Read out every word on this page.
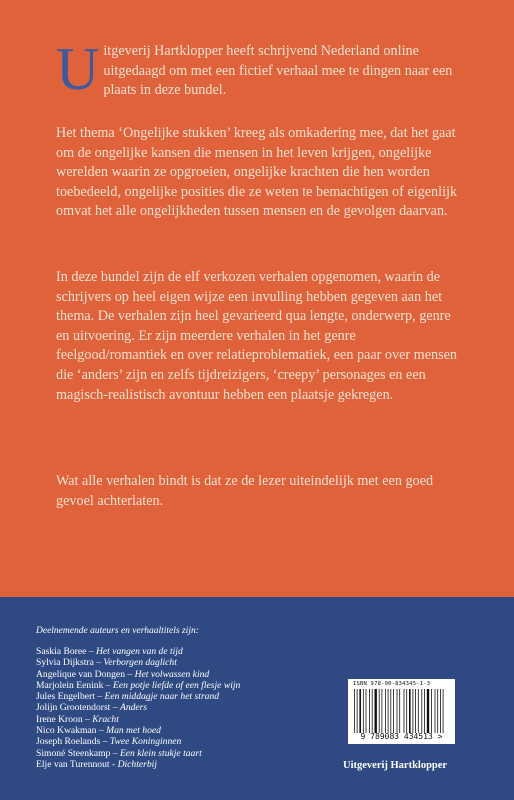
Uitgeverij Hartklopper heeft schrijvend Nederland online uitgedaagd om met een fictief verhaal mee te dingen naar een plaats in deze bundel.

Het thema ‘Ongelijke stukken’ kreeg als omkadering mee, dat het gaat om de ongelijke kansen die mensen in het leven krijgen, ongelijke werelden waarin ze opgroeien, ongelijke krachten die hen worden toebedeeld, ongelijke posities die ze weten te bemachtigen of eigenlijk omvat het alle ongelijkheden tussen mensen en de gevolgen daarvan.

In deze bundel zijn de elf verkozen verhalen opgenomen, waarin de schrijvers op heel eigen wijze een invulling hebben gegeven aan het thema. De verhalen zijn heel gevarieerd qua lengte, onderwerp, genre en uitvoering. Er zijn meerdere verhalen in het genre feelgood/romantiek en over relatieproblematiek, een paar over mensen die ‘anders’ zijn en zelfs tijdreizigers, ‘creepy’ personages en een magisch-realistisch avontuur hebben een plaatsje gekregen.

Wat alle verhalen bindt is dat ze de lezer uiteindelijk met een goed gevoel achterlaten.

Deelnemende auteurs en verhaaltitels zijn:
Saskia Boree – Het vangen van de tijd
Sylvia Dijkstra – Verborgen daglicht
Angelique van Dongen – Het volwassen kind
Marjolein Eenink – Een potje liefde of een flesje wijn
Jules Engelbert – Een middagje naar het strand
Jolijn Grootendorst – Anders
Irene Kroon – Kracht
Nico Kwakman – Man met hoed
Joseph Roelands – Twee Koninginnen
Simoné Steenkamp – Een klein stukje taart
Elje van Turennout - Dichterbij
ISBN 978-90-834345-1-3
9 789083 434513 >
Uitgeverij Hartklopper
